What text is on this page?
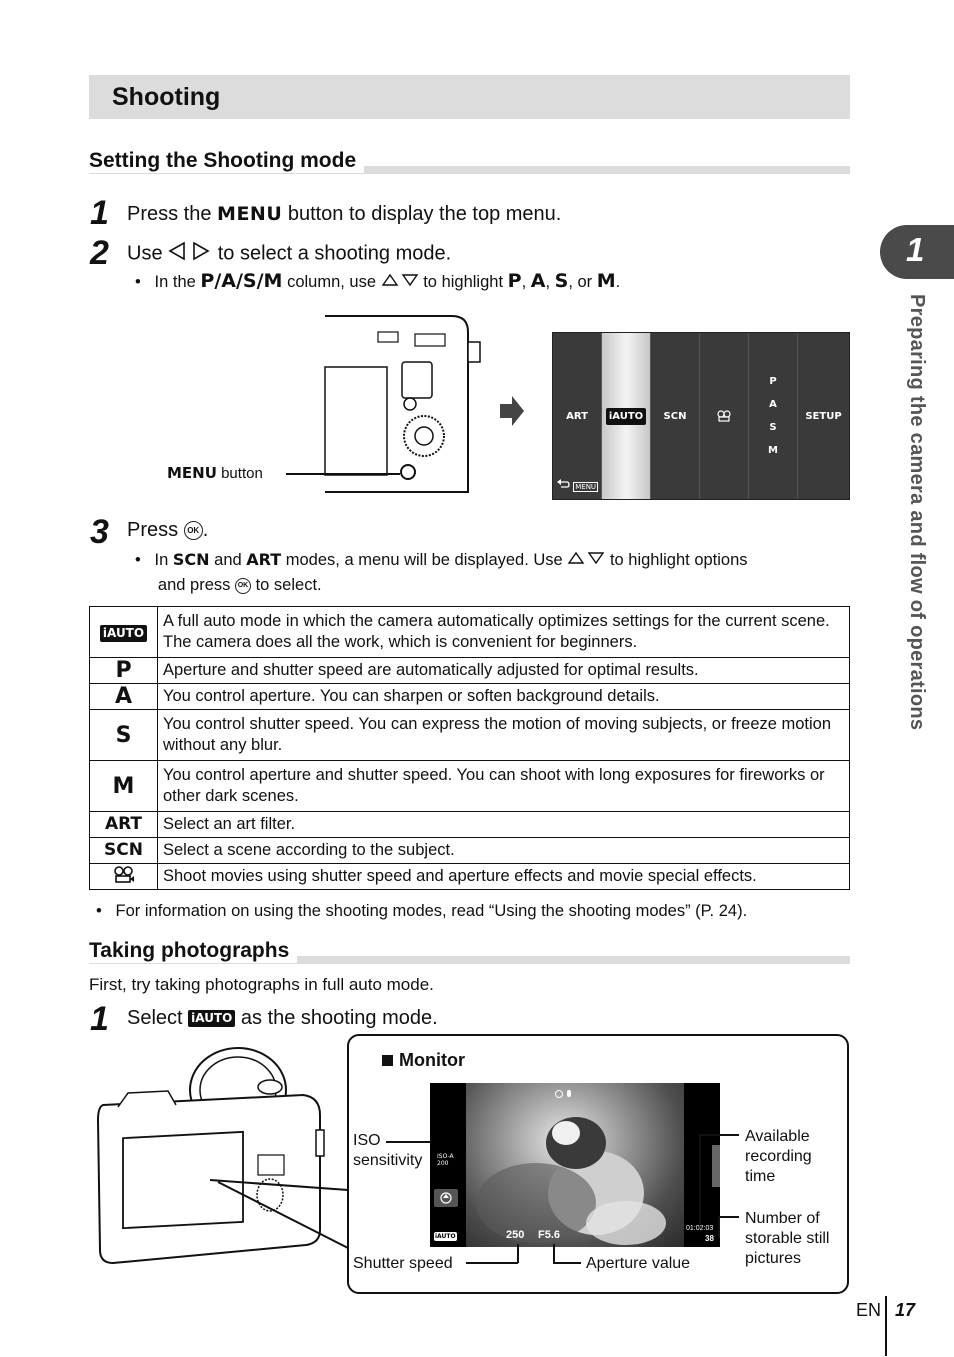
Shooting
Setting the Shooting mode
1 Press the MENU button to display the top menu.
2 Use	to select a shooting mode.
•   In the P/A/S/M column, use	to highlight P, A, S, or M.
MENU button
ART	iAUTO	SCN
P
A
S
M
SETUP
MENU
3 Press OK .
•   In SCN and ART modes, a menu will be displayed. Use	to highlight options
and press OK to select.
iAUTO	A full auto mode in which the camera automatically optimizes settings for the current scene. The camera does all the work, which is convenient for beginners.
P	Aperture and shutter speed are automatically adjusted for optimal results.
A	You control aperture. You can sharpen or soften background details.
S	You control shutter speed. You can express the motion of moving subjects, or freeze motion without any blur.
M	You control aperture and shutter speed. You can shoot with long exposures for fireworks or other dark scenes.
ART	Select an art filter.
SCN	Select a scene according to the subject.
	Shoot movies using shutter speed and aperture effects and movie special effects.
•   For information on using the shooting modes, read “Using the shooting modes” (P. 24).
Taking photographs
First, try taking photographs in full auto mode.
1 Select iAUTO as the shooting mode.
Monitor
ISO-A
200
iAUTO	250 F5.6
01:02:03
38
ISO
sensitivity
Available
recording
time
Number of
storable still
pictures
Shutter speed	Aperture value
1
Preparing the camera and flow of operations
EN 17
